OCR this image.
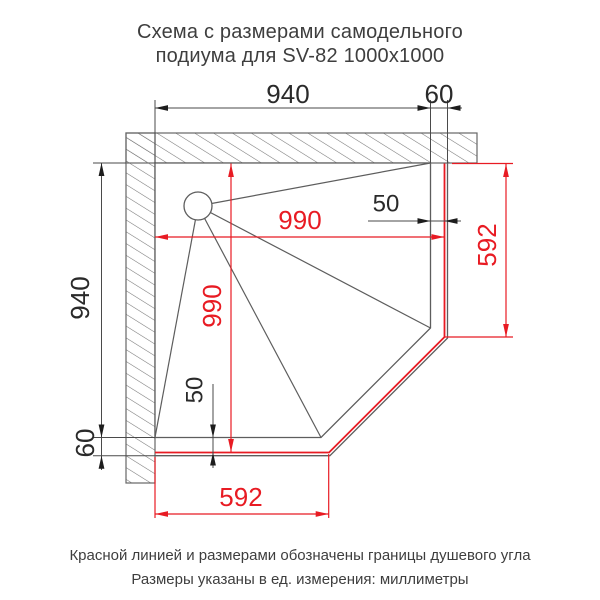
Схема с размерами самодельного
подиума для SV-82 1000x1000
940	60
940
60
50
50
990
990
592
592
Красной линией и размерами обозначены границы душевого угла
Размеры указаны в ед. измерения: миллиметры
